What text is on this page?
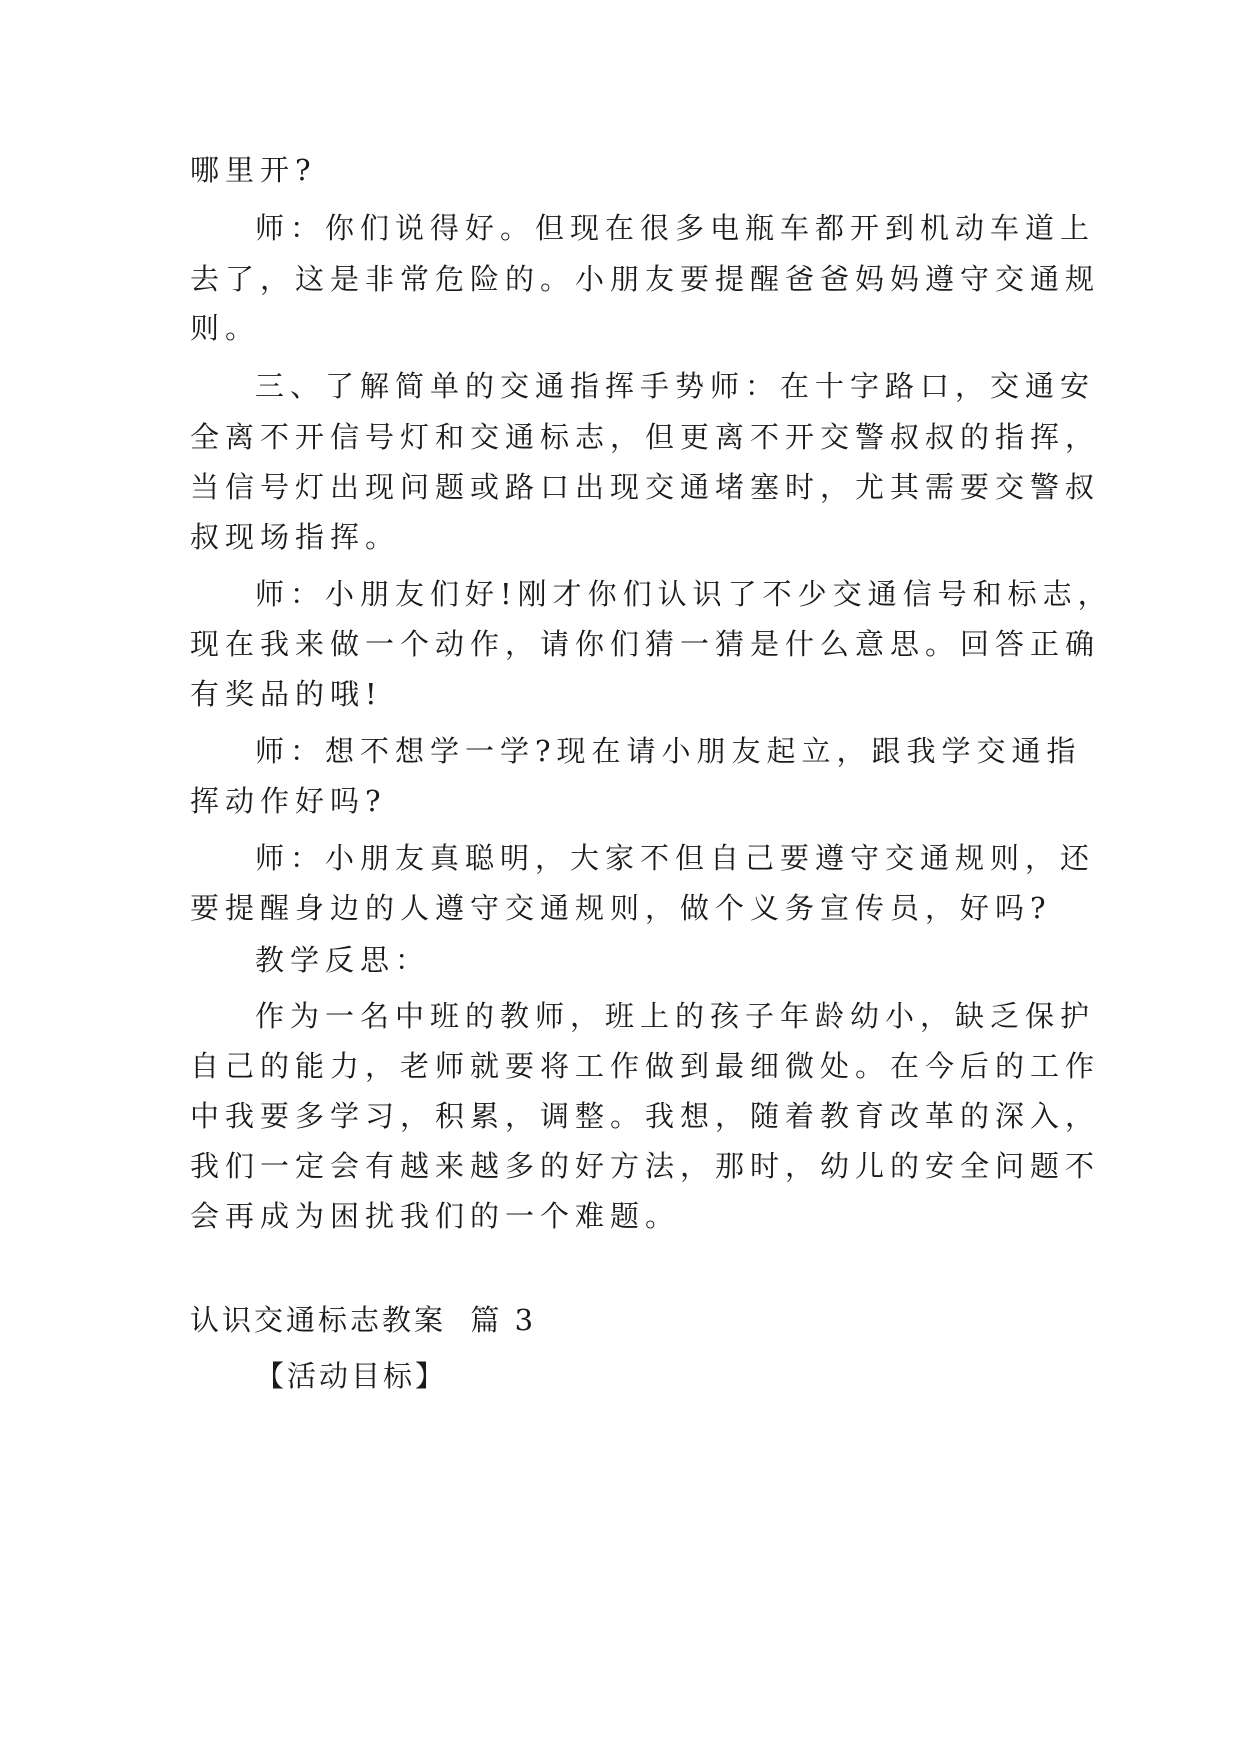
哪里开?
师：你们说得好。但现在很多电瓶车都开到机动车道上
去了，这是非常危险的。小朋友要提醒爸爸妈妈遵守交通规
则。
三、了解简单的交通指挥手势师：在十字路口，交通安
全离不开信号灯和交通标志，但更离不开交警叔叔的指挥，
当信号灯出现问题或路口出现交通堵塞时，尤其需要交警叔
叔现场指挥。
师：小朋友们好!刚才你们认识了不少交通信号和标志，
现在我来做一个动作，请你们猜一猜是什么意思。回答正确
有奖品的哦!
师：想不想学一学?现在请小朋友起立，跟我学交通指
挥动作好吗?
师：小朋友真聪明，大家不但自己要遵守交通规则，还
要提醒身边的人遵守交通规则，做个义务宣传员，好吗?
教学反思：
作为一名中班的教师，班上的孩子年龄幼小，缺乏保护
自己的能力，老师就要将工作做到最细微处。在今后的工作
中我要多学习，积累，调整。我想，随着教育改革的深入，
我们一定会有越来越多的好方法，那时，幼儿的安全问题不
会再成为困扰我们的一个难题。
认识交通标志教案  篇 3
【活动目标】
